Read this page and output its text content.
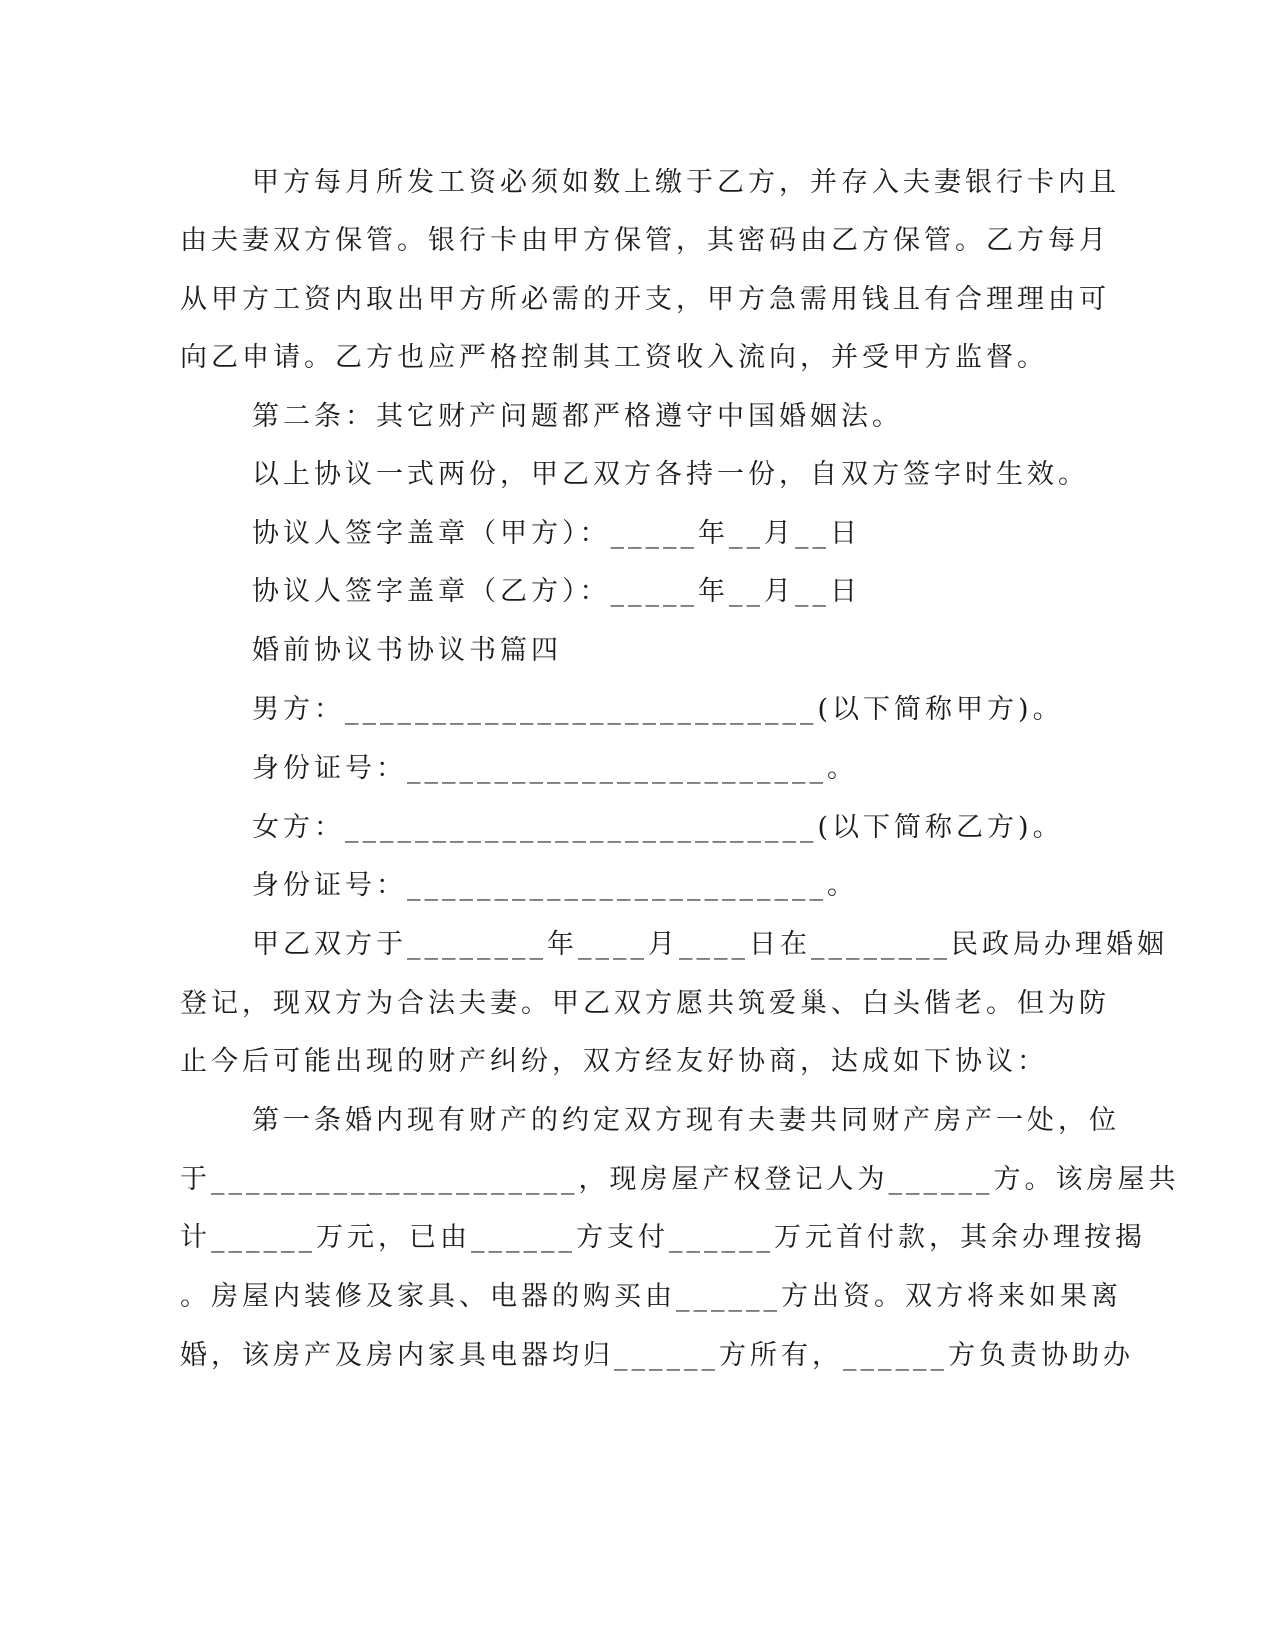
甲方每月所发工资必须如数上缴于乙方，并存入夫妻银行卡内且
由夫妻双方保管。银行卡由甲方保管，其密码由乙方保管。乙方每月
从甲方工资内取出甲方所必需的开支，甲方急需用钱且有合理理由可
向乙申请。乙方也应严格控制其工资收入流向，并受甲方监督。
第二条：其它财产问题都严格遵守中国婚姻法。
以上协议一式两份，甲乙双方各持一份，自双方签字时生效。
协议人签字盖章（甲方）：_____年__月__日
协议人签字盖章（乙方）：_____年__月__日
婚前协议书协议书篇四
男方：___________________________(以下简称甲方)。
身份证号：________________________。
女方：___________________________(以下简称乙方)。
身份证号：________________________。
甲乙双方于________年____月____日在________民政局办理婚姻
登记，现双方为合法夫妻。甲乙双方愿共筑爱巢、白头偕老。但为防
止今后可能出现的财产纠纷，双方经友好协商，达成如下协议：
第一条婚内现有财产的约定双方现有夫妻共同财产房产一处，位
于_____________________，现房屋产权登记人为______方。该房屋共
计______万元，已由______方支付______万元首付款，其余办理按揭
。房屋内装修及家具、电器的购买由______方出资。双方将来如果离
婚，该房产及房内家具电器均归______方所有，______方负责协助办
